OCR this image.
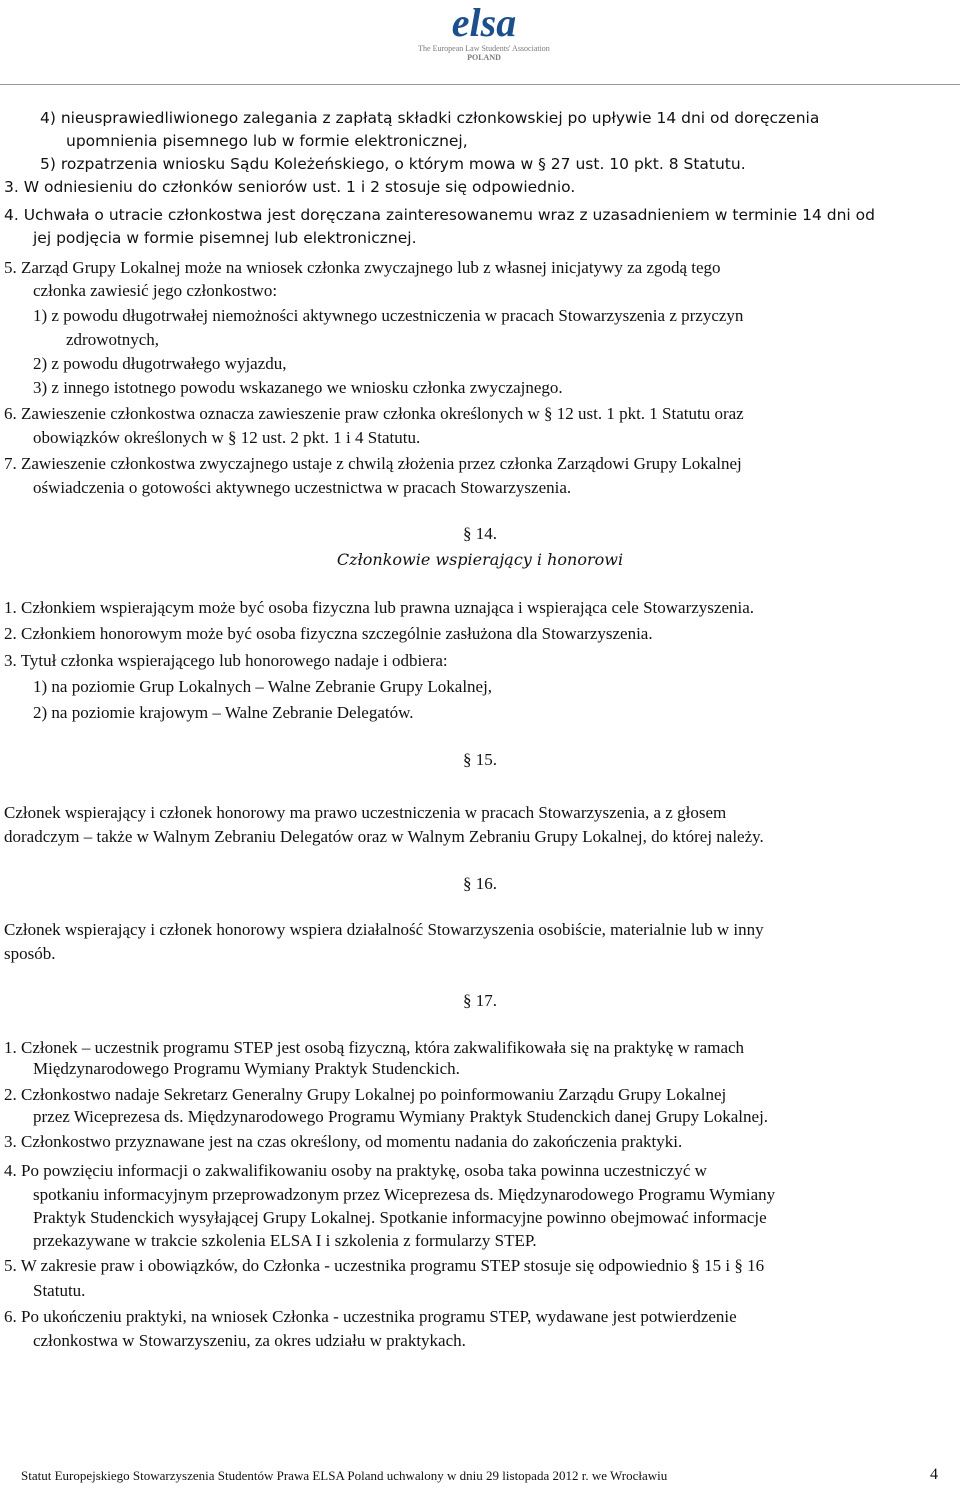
elsa
The European Law Students' Association
POLAND
4) nieusprawiedliwionego zalegania z zapłatą składki członkowskiej po upływie 14 dni od doręczenia
upomnienia pisemnego lub w formie elektronicznej,
5) rozpatrzenia wniosku Sądu Koleżeńskiego, o którym mowa w § 27 ust. 10 pkt. 8 Statutu.
3. W odniesieniu do członków seniorów ust. 1 i 2 stosuje się odpowiednio.
4. Uchwała o utracie członkostwa jest doręczana zainteresowanemu wraz z uzasadnieniem w terminie 14 dni od
jej podjęcia w formie pisemnej lub elektronicznej.
5. Zarząd Grupy Lokalnej może na wniosek członka zwyczajnego lub z własnej inicjatywy za zgodą tego
członka zawiesić jego członkostwo:
1) z powodu długotrwałej niemożności aktywnego uczestniczenia w pracach Stowarzyszenia z przyczyn
zdrowotnych,
2) z powodu długotrwałego wyjazdu,
3) z innego istotnego powodu wskazanego we wniosku członka zwyczajnego.
6. Zawieszenie członkostwa oznacza zawieszenie praw członka określonych w § 12 ust. 1 pkt. 1 Statutu oraz
obowiązków określonych w § 12 ust. 2 pkt. 1 i 4 Statutu.
7. Zawieszenie członkostwa zwyczajnego ustaje z chwilą złożenia przez członka Zarządowi Grupy Lokalnej
oświadczenia o gotowości aktywnego uczestnictwa w pracach Stowarzyszenia.
§ 14.
Członkowie wspierający i honorowi
1. Członkiem wspierającym może być osoba fizyczna lub prawna uznająca i wspierająca cele Stowarzyszenia.
2. Członkiem honorowym może być osoba fizyczna szczególnie zasłużona dla Stowarzyszenia.
3. Tytuł członka wspierającego lub honorowego nadaje i odbiera:
1) na poziomie Grup Lokalnych – Walne Zebranie Grupy Lokalnej,
2) na poziomie krajowym – Walne Zebranie Delegatów.
§ 15.
Członek wspierający i członek honorowy ma prawo uczestniczenia w pracach Stowarzyszenia, a z głosem
doradczym – także w Walnym Zebraniu Delegatów oraz w Walnym Zebraniu Grupy Lokalnej, do której należy.
§ 16.
Członek wspierający i członek honorowy wspiera działalność Stowarzyszenia osobiście, materialnie lub w inny
sposób.
§ 17.
1. Członek – uczestnik programu STEP jest osobą fizyczną, która zakwalifikowała się na praktykę w ramach
Międzynarodowego Programu Wymiany Praktyk Studenckich.
2. Członkostwo nadaje Sekretarz Generalny Grupy Lokalnej po poinformowaniu Zarządu Grupy Lokalnej
przez Wiceprezesa ds. Międzynarodowego Programu Wymiany Praktyk Studenckich danej Grupy Lokalnej.
3. Członkostwo przyznawane jest na czas określony, od momentu nadania do zakończenia praktyki.
4. Po powzięciu informacji o zakwalifikowaniu osoby na praktykę, osoba taka powinna uczestniczyć w
spotkaniu informacyjnym przeprowadzonym przez Wiceprezesa ds. Międzynarodowego Programu Wymiany
Praktyk Studenckich wysyłającej Grupy Lokalnej. Spotkanie informacyjne powinno obejmować informacje
przekazywane w trakcie szkolenia ELSA I i szkolenia z formularzy STEP.
5. W zakresie praw i obowiązków, do Członka - uczestnika programu STEP stosuje się odpowiednio § 15 i § 16
Statutu.
6. Po ukończeniu praktyki, na wniosek Członka - uczestnika programu STEP, wydawane jest potwierdzenie
członkostwa w Stowarzyszeniu, za okres udziału w praktykach.
Statut Europejskiego Stowarzyszenia Studentów Prawa ELSA Poland uchwalony w dniu 29 listopada 2012 r. we Wrocławiu	4
